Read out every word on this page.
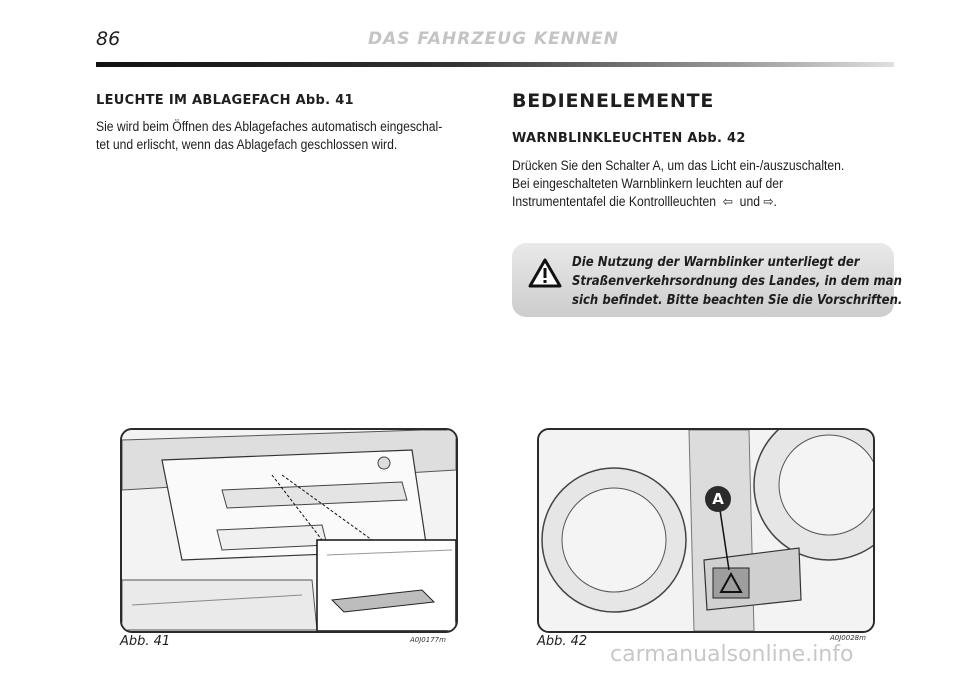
86	DAS FAHRZEUG KENNEN
LEUCHTE IM ABLAGEFACH Abb. 41
Sie wird beim Öffnen des Ablagefaches automatisch eingeschal-
tet und erlischt, wenn das Ablagefach geschlossen wird.
BEDIENELEMENTE
WARNBLINKLEUCHTEN Abb. 42
Drücken Sie den Schalter A, um das Licht ein-/auszuschalten.
Bei eingeschalteten Warnblinkern leuchten auf der
Instrumententafel die Kontrollleuchten ⇦ und ⇨.
Die Nutzung der Warnblinker unterliegt der
Straßenverkehrsordnung des Landes, in dem man
sich befindet. Bitte beachten Sie die Vorschriften.
Abb. 41	A0J0177m
A
Abb. 42	A0J0028m
carmanualsonline.info
